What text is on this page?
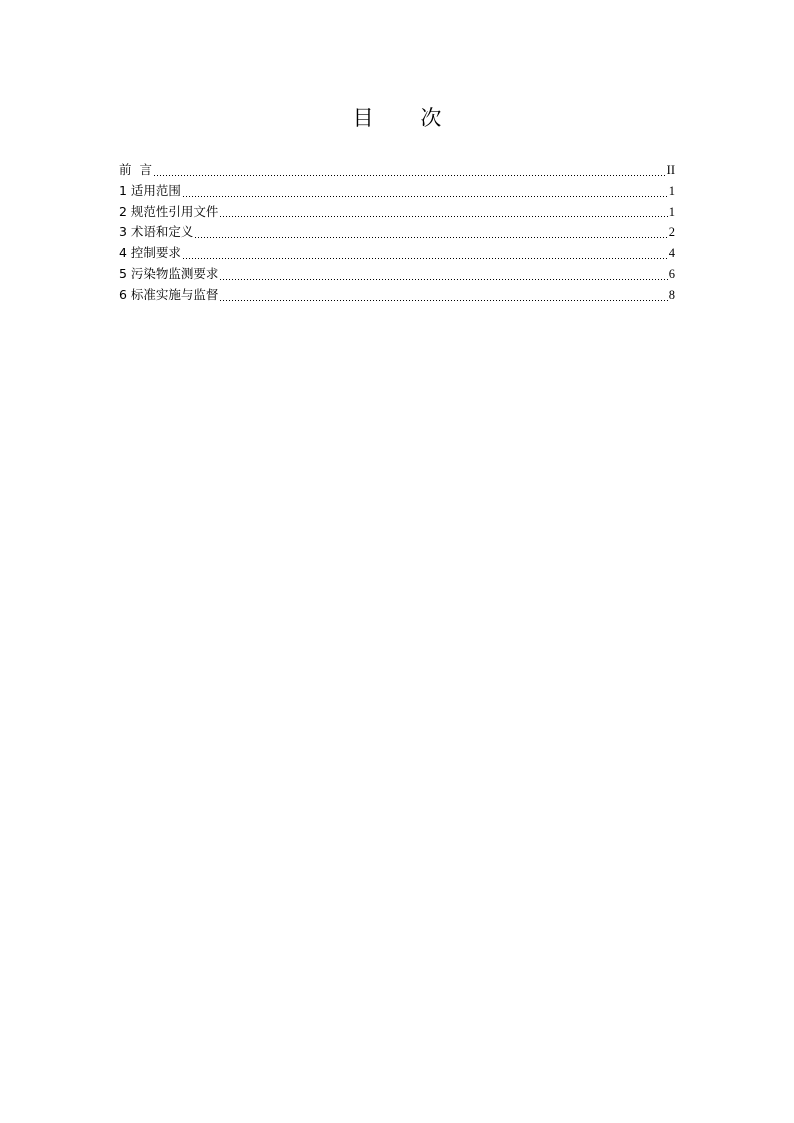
目 次
前  言	II
1 适用范围	1
2 规范性引用文件	1
3 术语和定义	2
4 控制要求	4
5 污染物监测要求	6
6 标准实施与监督	8
